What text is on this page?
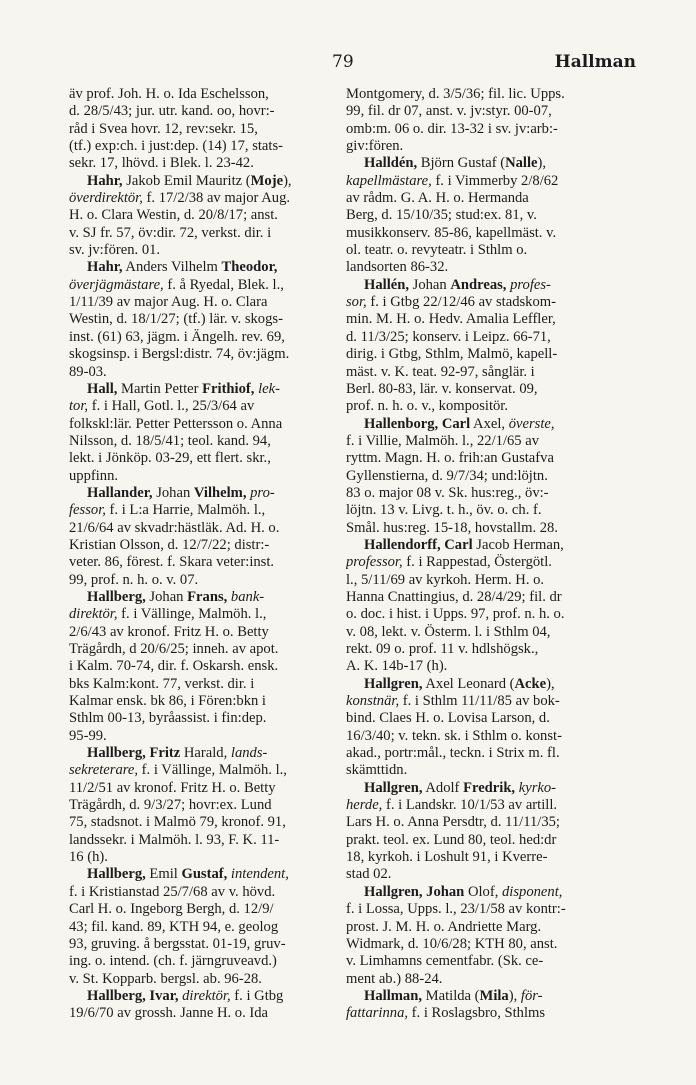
79	Hallman
äv prof. Joh. H. o. Ida Eschelsson,
d. 28/5/43; jur. utr. kand. oo, hovr:-
råd i Svea hovr. 12, rev:sekr. 15,
(tf.) exp:ch. i just:dep. (14) 17, stats-
sekr. 17, lhövd. i Blek. l. 23-42.
Hahr, Jakob Emil Mauritz (Moje),
överdirektör, f. 17/2/38 av major Aug.
H. o. Clara Westin, d. 20/8/17; anst.
v. SJ fr. 57, öv:dir. 72, verkst. dir. i
sv. jv:fören. 01.
Hahr, Anders Vilhelm Theodor,
överjägmästare, f. å Ryedal, Blek. l.,
1/11/39 av major Aug. H. o. Clara
Westin, d. 18/1/27; (tf.) lär. v. skogs-
inst. (61) 63, jägm. i Ängelh. rev. 69,
skogsinsp. i Bergsl:distr. 74, öv:jägm.
89-03.
Hall, Martin Petter Frithiof, lek-
tor, f. i Hall, Gotl. l., 25/3/64 av
folkskl:lär. Petter Pettersson o. Anna
Nilsson, d. 18/5/41; teol. kand. 94,
lekt. i Jönköp. 03-29, ett flert. skr.,
uppfinn.
Hallander, Johan Vilhelm, pro-
fessor, f. i L:a Harrie, Malmöh. l.,
21/6/64 av skvadr:hästläk. Ad. H. o.
Kristian Olsson, d. 12/7/22; distr:-
veter. 86, förest. f. Skara veter:inst.
99, prof. n. h. o. v. 07.
Hallberg, Johan Frans, bank-
direktör, f. i Vällinge, Malmöh. l.,
2/6/43 av kronof. Fritz H. o. Betty
Trägårdh, d 20/6/25; inneh. av apot.
i Kalm. 70-74, dir. f. Oskarsh. ensk.
bks Kalm:kont. 77, verkst. dir. i
Kalmar ensk. bk 86, i Fören:bkn i
Sthlm 00-13, byråassist. i fin:dep.
95-99.
Hallberg, Fritz Harald, lands-
sekreterare, f. i Vällinge, Malmöh. l.,
11/2/51 av kronof. Fritz H. o. Betty
Trägårdh, d. 9/3/27; hovr:ex. Lund
75, stadsnot. i Malmö 79, kronof. 91,
landssekr. i Malmöh. l. 93, F. K. 11-
16 (h).
Hallberg, Emil Gustaf, intendent,
f. i Kristianstad 25/7/68 av v. hövd.
Carl H. o. Ingeborg Bergh, d. 12/9/
43; fil. kand. 89, KTH 94, e. geolog
93, gruving. å bergsstat. 01-19, gruv-
ing. o. intend. (ch. f. järngruveavd.)
v. St. Kopparb. bergsl. ab. 96-28.
Hallberg, Ivar, direktör, f. i Gtbg
19/6/70 av grossh. Janne H. o. Ida
Montgomery, d. 3/5/36; fil. lic. Upps.
99, fil. dr 07, anst. v. jv:styr. 00-07,
omb:m. 06 o. dir. 13-32 i sv. jv:arb:-
giv:fören.
Halldén, Björn Gustaf (Nalle),
kapellmästare, f. i Vimmerby 2/8/62
av rådm. G. A. H. o. Hermanda
Berg, d. 15/10/35; stud:ex. 81, v.
musikkonserv. 85-86, kapellmäst. v.
ol. teatr. o. revyteatr. i Sthlm o.
landsorten 86-32.
Hallén, Johan Andreas, profes-
sor, f. i Gtbg 22/12/46 av stadskom-
min. M. H. o. Hedv. Amalia Leffler,
d. 11/3/25; konserv. i Leipz. 66-71,
dirig. i Gtbg, Sthlm, Malmö, kapell-
mäst. v. K. teat. 92-97, sånglär. i
Berl. 80-83, lär. v. konservat. 09,
prof. n. h. o. v., kompositör.
Hallenborg, Carl Axel, överste,
f. i Villie, Malmöh. l., 22/1/65 av
ryttm. Magn. H. o. frih:an Gustafva
Gyllenstierna, d. 9/7/34; und:löjtn.
83 o. major 08 v. Sk. hus:reg., öv:-
löjtn. 13 v. Livg. t. h., öv. o. ch. f.
Smål. hus:reg. 15-18, hovstallm. 28.
Hallendorff, Carl Jacob Herman,
professor, f. i Rappestad, Östergötl.
l., 5/11/69 av kyrkoh. Herm. H. o.
Hanna Cnattingius, d. 28/4/29; fil. dr
o. doc. i hist. i Upps. 97, prof. n. h. o.
v. 08, lekt. v. Österm. l. i Sthlm 04,
rekt. 09 o. prof. 11 v. hdlshögsk.,
A. K. 14b-17 (h).
Hallgren, Axel Leonard (Acke),
konstnär, f. i Sthlm 11/11/85 av bok-
bind. Claes H. o. Lovisa Larson, d.
16/3/40; v. tekn. sk. i Sthlm o. konst-
akad., portr:mål., teckn. i Strix m. fl.
skämttidn.
Hallgren, Adolf Fredrik, kyrko-
herde, f. i Landskr. 10/1/53 av artill.
Lars H. o. Anna Persdtr, d. 11/11/35;
prakt. teol. ex. Lund 80, teol. hed:dr
18, kyrkoh. i Loshult 91, i Kverre-
stad 02.
Hallgren, Johan Olof, disponent,
f. i Lossa, Upps. l., 23/1/58 av kontr:-
prost. J. M. H. o. Andriette Marg.
Widmark, d. 10/6/28; KTH 80, anst.
v. Limhamns cementfabr. (Sk. ce-
ment ab.) 88-24.
Hallman, Matilda (Mila), för-
fattarinna, f. i Roslagsbro, Sthlms
